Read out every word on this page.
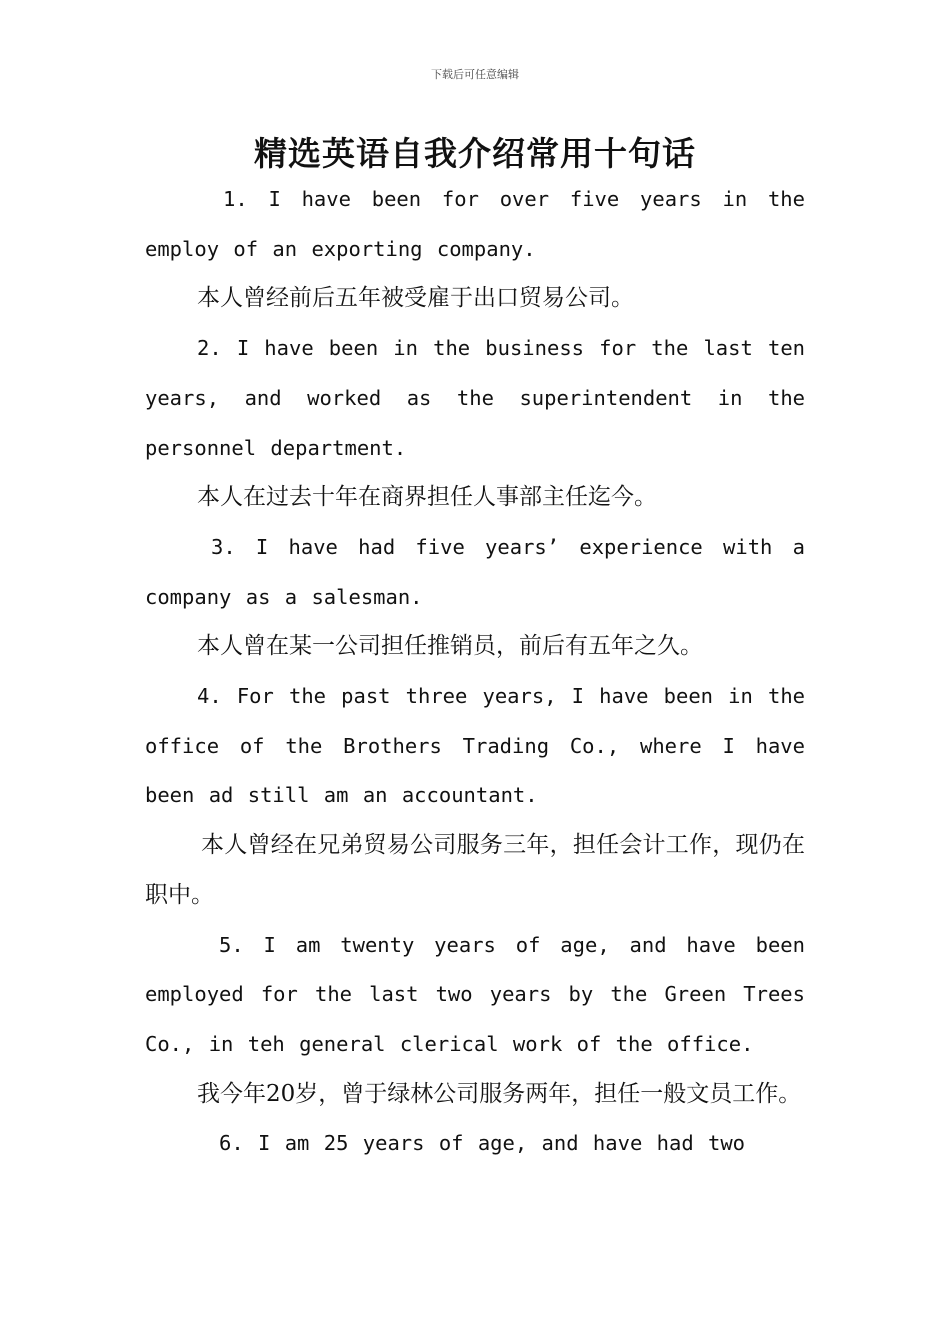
下载后可任意编辑
精选英语自我介绍常用十句话

1. I have been for over five years in the employ of an exporting company.

本人曾经前后五年被受雇于出口贸易公司。

2. I have been in the business for the last ten years, and worked as the superintendent in the personnel department.

本人在过去十年在商界担任人事部主任迄今。

3. I have had five years’ experience with a company as a salesman.

本人曾在某一公司担任推销员，前后有五年之久。

4. For the past three years, I have been in the office of the Brothers Trading Co., where I have been ad still am an accountant.

本人曾经在兄弟贸易公司服务三年，担任会计工作，现仍在职中。

5. I am twenty years of age, and have been employed for the last two years by the Green Trees Co., in teh general clerical work of the office.

我今年20岁，曾于绿林公司服务两年，担任一般文员工作。

6. I am 25 years of age, and have had two
